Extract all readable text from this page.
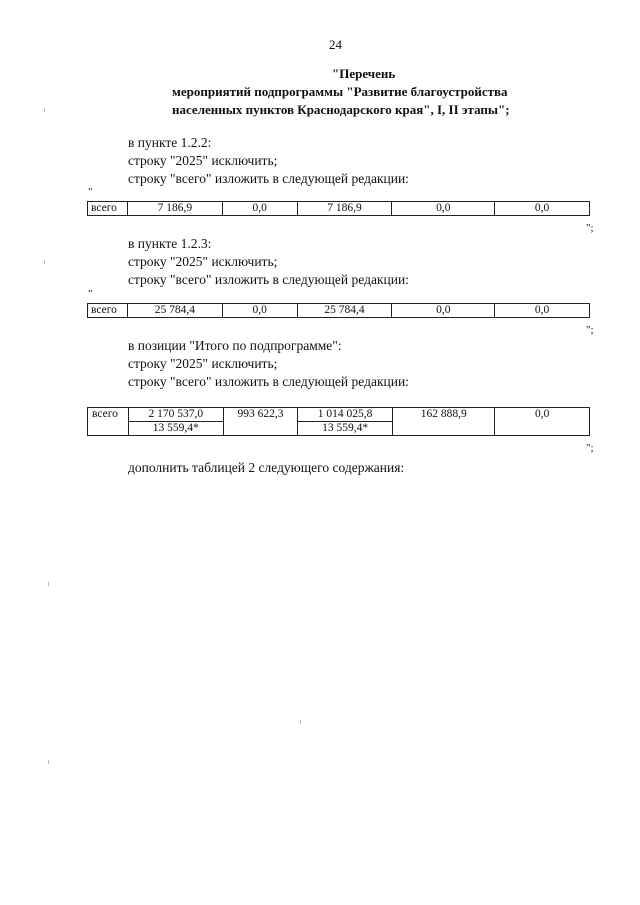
24
"Перечень
мероприятий подпрограммы "Развитие благоустройства
населенных пунктов Краснодарского края", I, II этапы";
в пункте 1.2.2:
строку "2025" исключить;
строку "всего" изложить в следующей редакции:
"
всего	7 186,9	0,0	7 186,9	0,0	0,0
";
в пункте 1.2.3:
строку "2025" исключить;
строку "всего" изложить в следующей редакции:
"
всего	25 784,4	0,0	25 784,4	0,0	0,0
";
в позиции "Итого по подпрограмме":
строку "2025" исключить;
строку "всего" изложить в следующей редакции:
всего	2 170 537,0	993 622,3	1 014 025,8	162 888,9	0,0
	13 559,4*		13 559,4*		
";
дополнить таблицей 2 следующего содержания:
